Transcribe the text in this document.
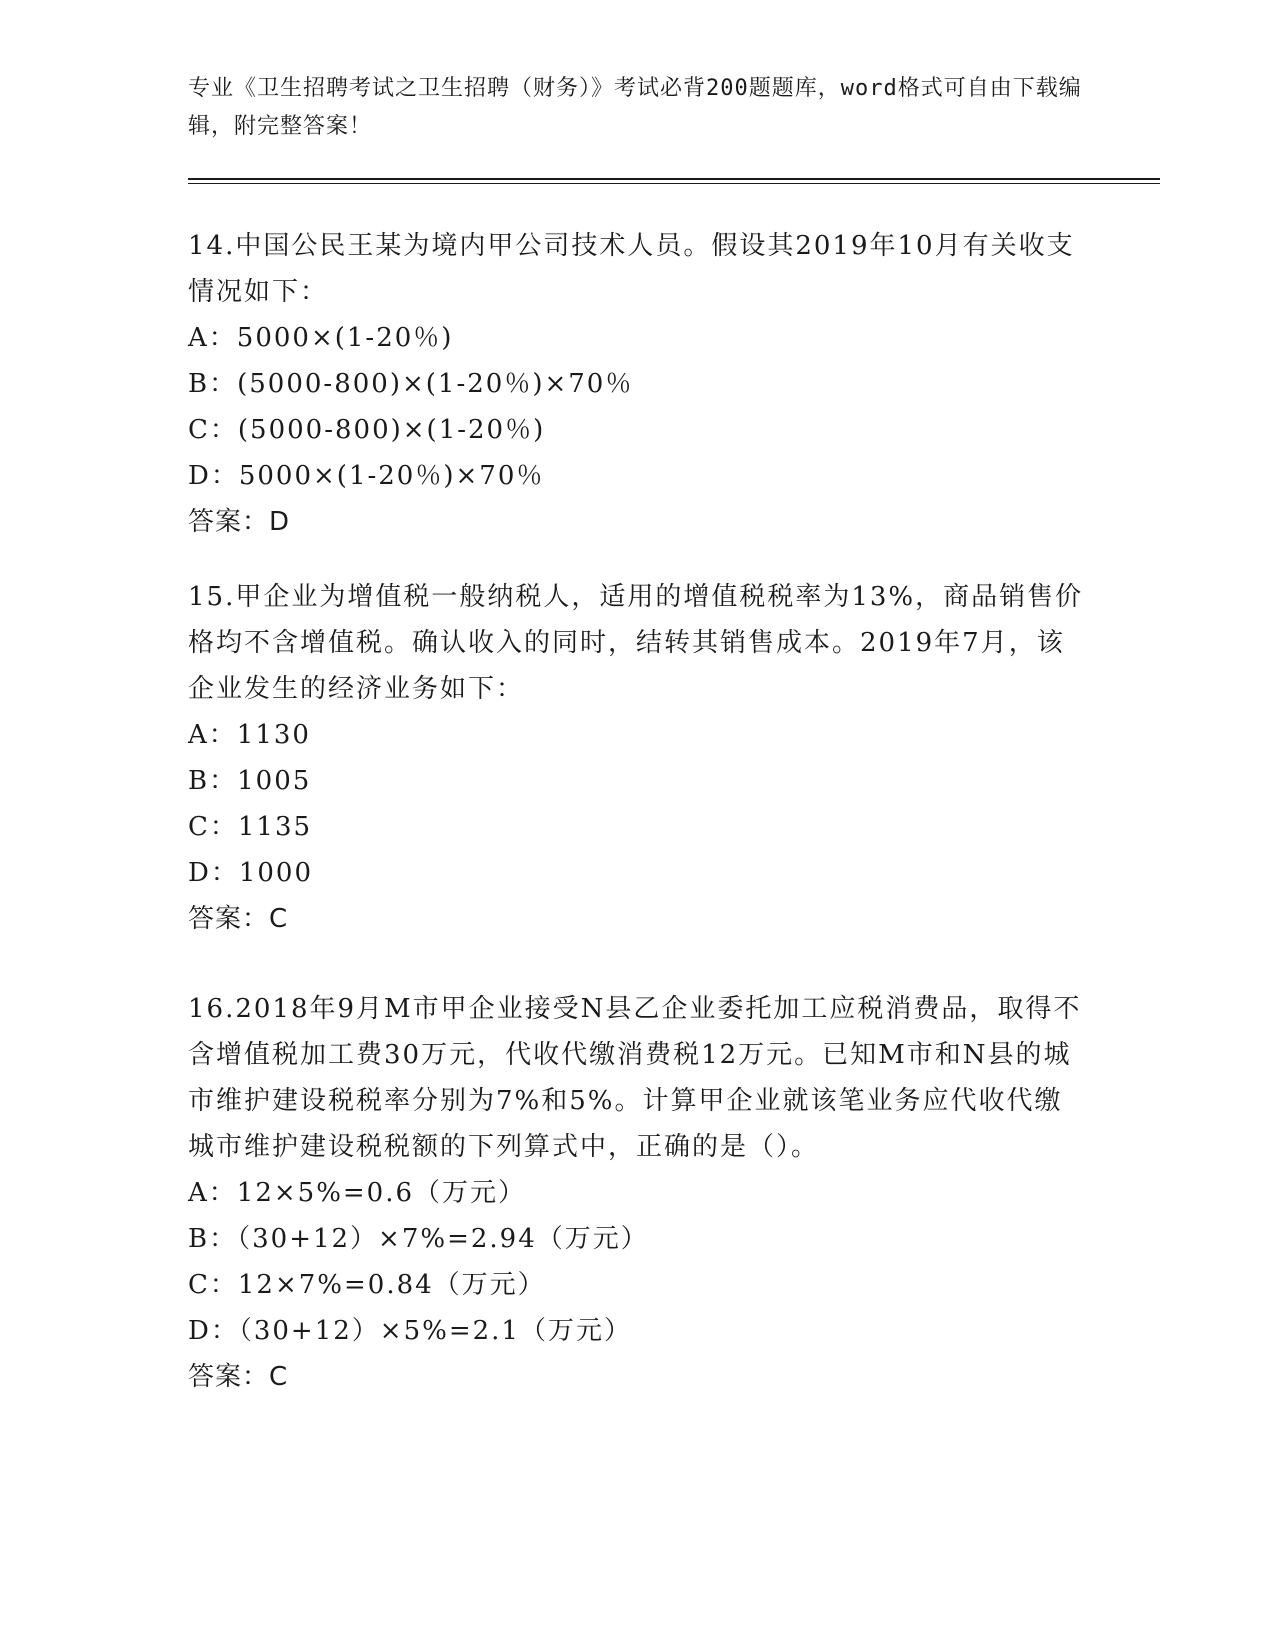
专业《卫生招聘考试之卫生招聘（财务）》考试必背200题题库，word格式可自由下载编辑，附完整答案！
14.中国公民王某为境内甲公司技术人员。假设其2019年10月有关收支情况如下：
A：5000×(1-20％)
B：(5000-800)×(1-20％)×70％
C：(5000-800)×(1-20％)
D：5000×(1-20％)×70％
答案：D
15.甲企业为增值税一般纳税人，适用的增值税税率为13%，商品销售价格均不含增值税。确认收入的同时，结转其销售成本。2019年7月，该企业发生的经济业务如下：
A：1130
B：1005
C：1135
D：1000
答案：C
16.2018年9月M市甲企业接受N县乙企业委托加工应税消费品，取得不含增值税加工费30万元，代收代缴消费税12万元。已知M市和N县的城市维护建设税税率分别为7%和5%。计算甲企业就该笔业务应代收代缴城市维护建设税税额的下列算式中，正确的是（）。
A：12×5%=0.6（万元）
B：（30+12）×7%=2.94（万元）
C：12×7%=0.84（万元）
D：（30+12）×5%=2.1（万元）
答案：C
